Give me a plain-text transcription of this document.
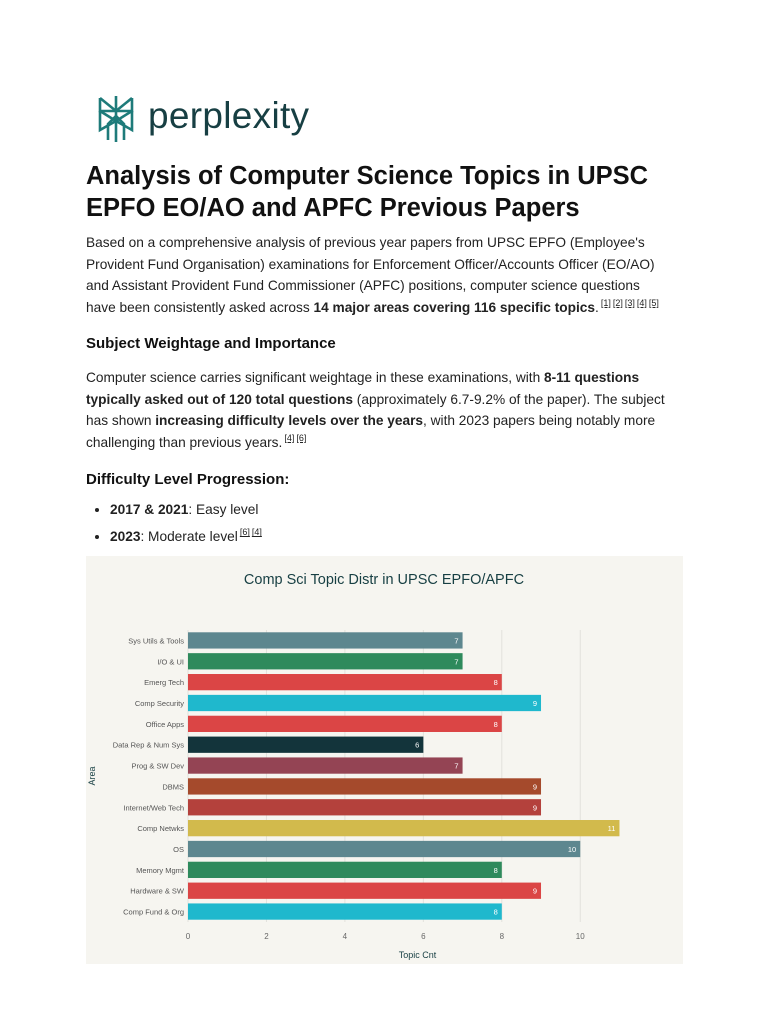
perplexity
Analysis of Computer Science Topics in UPSC EPFO EO/AO and APFC Previous Papers

Based on a comprehensive analysis of previous year papers from UPSC EPFO (Employee's Provident Fund Organisation) examinations for Enforcement Officer/Accounts Officer (EO/AO) and Assistant Provident Fund Commissioner (APFC) positions, computer science questions have been consistently asked across 14 major areas covering 116 specific topics. [1] [2] [3] [4] [5]

Subject Weightage and Importance

Computer science carries significant weightage in these examinations, with 8-11 questions typically asked out of 120 total questions (approximately 6.7-9.2% of the paper). The subject has shown increasing difficulty levels over the years, with 2023 papers being notably more challenging than previous years. [4] [6]

Difficulty Level Progression:
• 2017 & 2021: Easy level
• 2023: Moderate level [6] [4]
Comp Sci Topic Distr in UPSC EPFO/APFC
0	2	4	6	8	10
Sys Utils & Tools	7
I/O & UI	7
Emerg Tech	8
Comp Security	9
Office Apps	8
Data Rep & Num Sys	6
Prog & SW Dev	7
DBMS	9
Internet/Web Tech	9
Comp Netwks	11
OS	10
Memory Mgmt	8
Hardware & SW	9
Comp Fund & Org	8
Topic Cnt
Area
